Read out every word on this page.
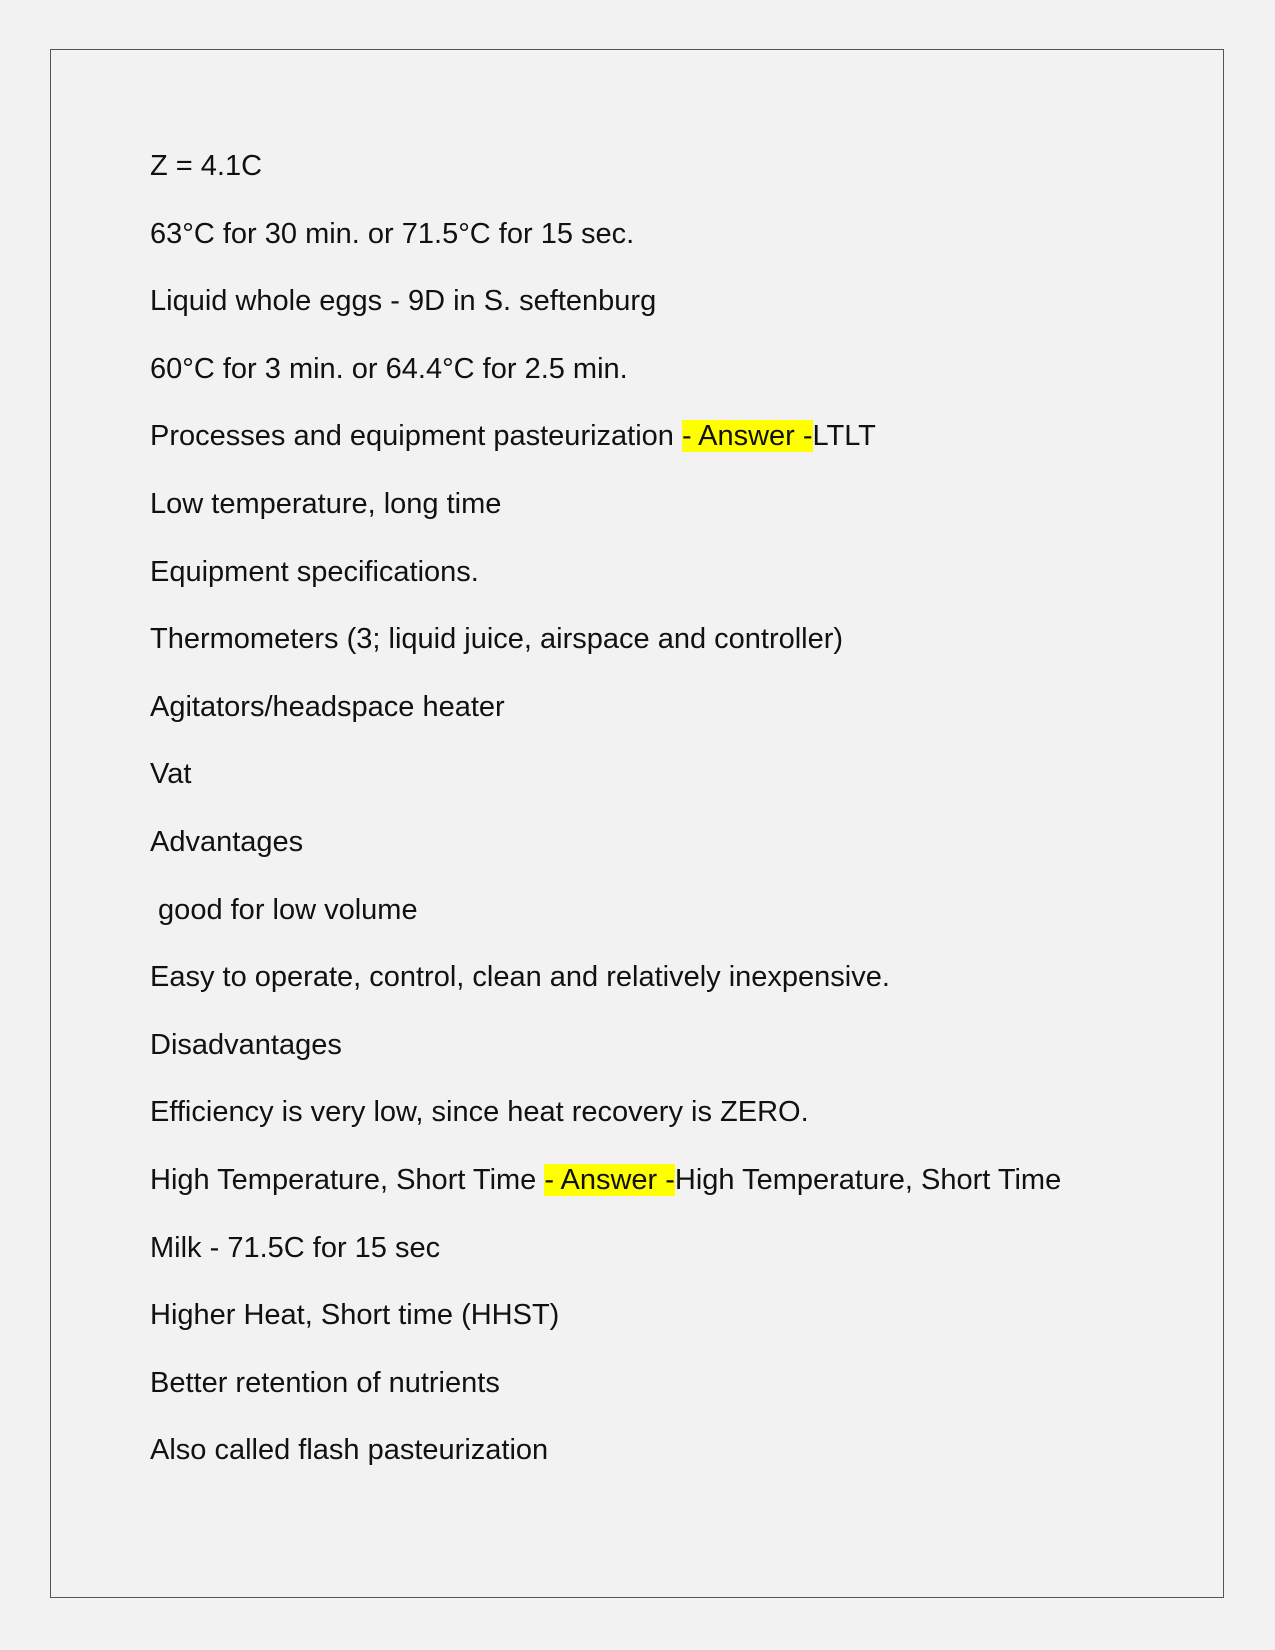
Z = 4.1C
63°C for 30 min. or 71.5°C for 15 sec.
Liquid whole eggs - 9D in S. seftenburg
60°C for 3 min. or 64.4°C for 2.5 min.
Processes and equipment pasteurization - Answer -LTLT
Low temperature, long time
Equipment specifications.
Thermometers (3; liquid juice, airspace and controller)
Agitators/headspace heater
Vat
Advantages
good for low volume
Easy to operate, control, clean and relatively inexpensive.
Disadvantages
Efficiency is very low, since heat recovery is ZERO.
High Temperature, Short Time - Answer -High Temperature, Short Time
Milk - 71.5C for 15 sec
Higher Heat, Short time (HHST)
Better retention of nutrients
Also called flash pasteurization
